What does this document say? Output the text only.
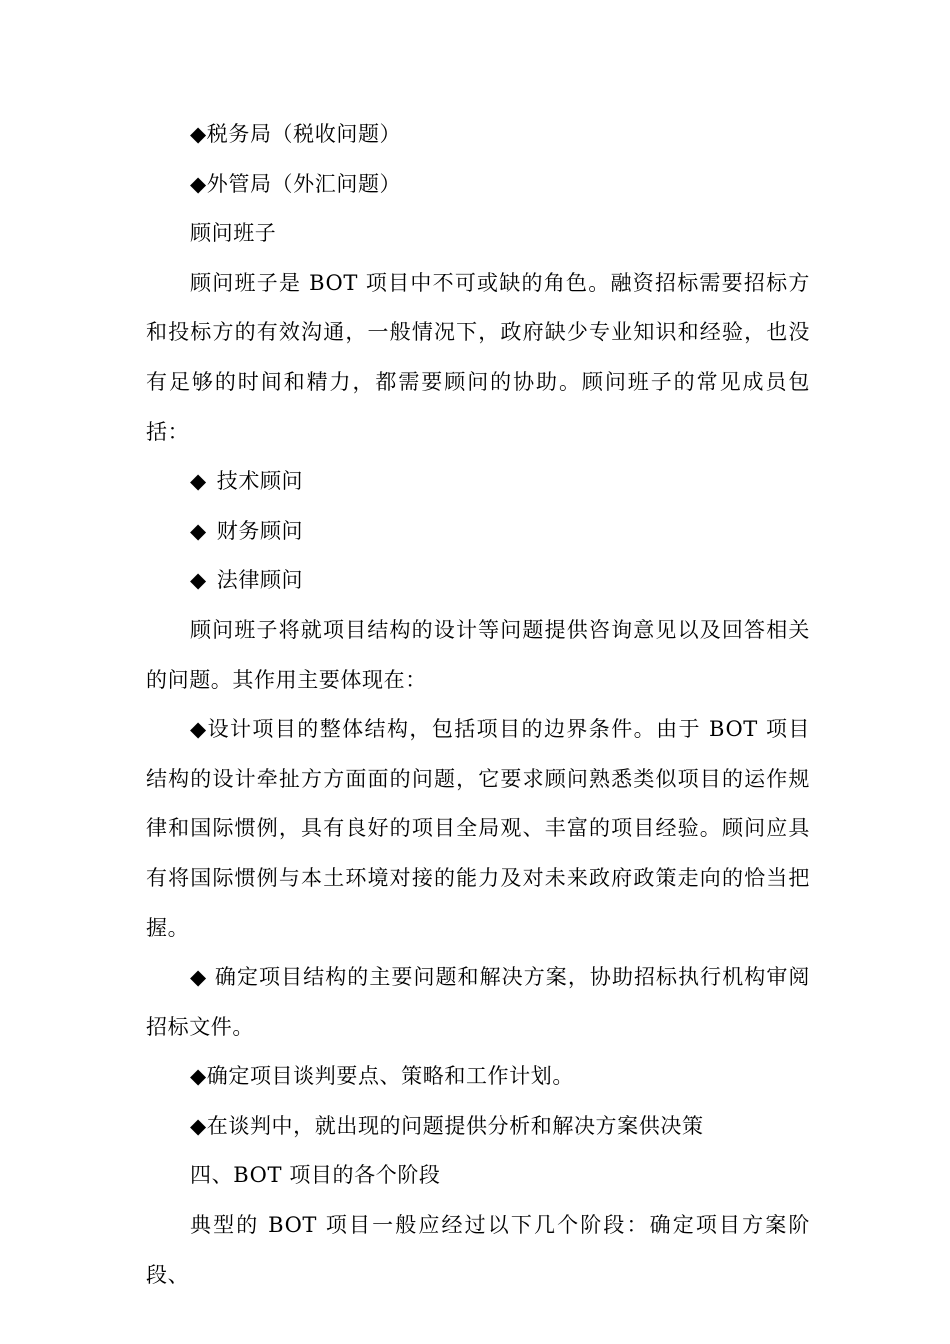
◆税务局（税收问题）

◆外管局（外汇问题）

顾问班子

顾问班子是 BOT 项目中不可或缺的角色。融资招标需要招标方和投标方的有效沟通，一般情况下，政府缺少专业知识和经验，也没有足够的时间和精力，都需要顾问的协助。顾问班子的常见成员包括：

◆ 技术顾问

◆ 财务顾问

◆ 法律顾问

顾问班子将就项目结构的设计等问题提供咨询意见以及回答相关的问题。其作用主要体现在：

◆设计项目的整体结构，包括项目的边界条件。由于 BOT 项目结构的设计牵扯方方面面的问题，它要求顾问熟悉类似项目的运作规律和国际惯例，具有良好的项目全局观、丰富的项目经验。顾问应具有将国际惯例与本土环境对接的能力及对未来政府政策走向的恰当把握。

◆ 确定项目结构的主要问题和解决方案，协助招标执行机构审阅招标文件。

◆确定项目谈判要点、策略和工作计划。

◆在谈判中，就出现的问题提供分析和解决方案供决策

四、BOT 项目的各个阶段

典型的 BOT 项目一般应经过以下几个阶段：确定项目方案阶段、
